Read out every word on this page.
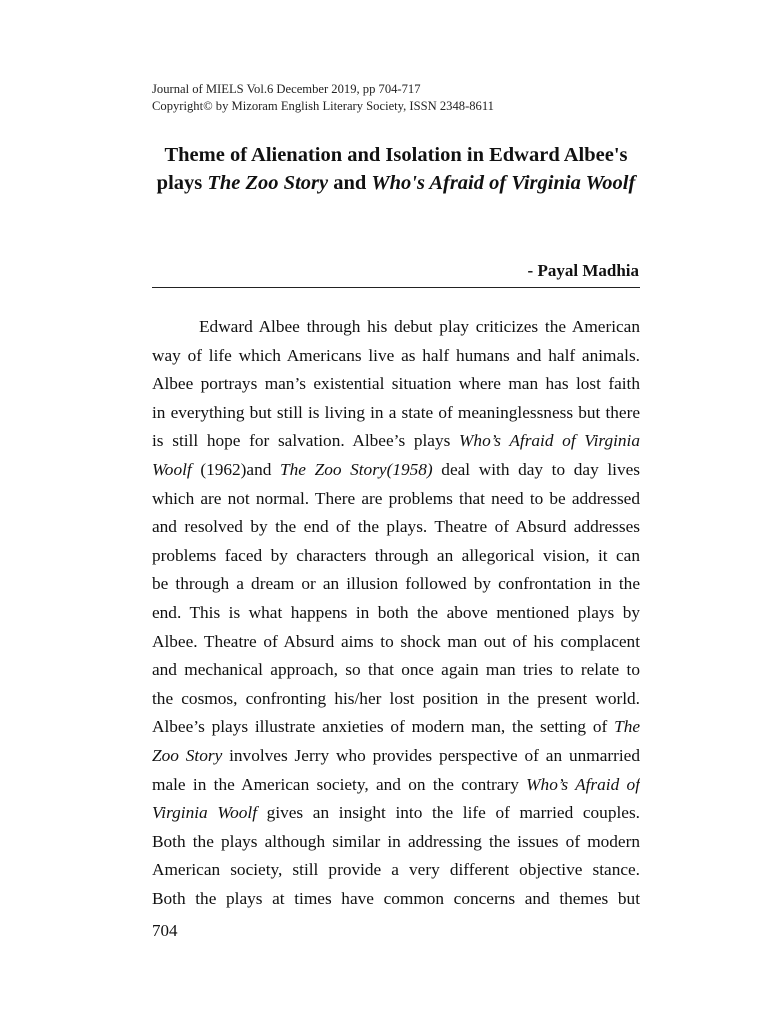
Journal of MIELS Vol.6 December 2019, pp 704-717
Copyright© by Mizoram English Literary Society, ISSN 2348-8611
Theme of Alienation and Isolation in Edward Albee's plays The Zoo Story and Who's Afraid of Virginia Woolf
- Payal Madhia
Edward Albee through his debut play criticizes the American
way of life which Americans live as half humans and half animals.
Albee portrays man’s existential situation where man has lost faith
in everything but still is living in a state of meaninglessness but there
is still hope for salvation. Albee’s plays Who’s Afraid of Virginia
Woolf (1962)and The Zoo Story(1958) deal with day to day lives
which are not normal. There are problems that need to be addressed
and resolved by the end of the plays. Theatre of Absurd addresses
problems faced by characters through an allegorical vision, it can
be through a dream or an illusion followed by confrontation in the
end. This is what happens in both the above mentioned plays by
Albee. Theatre of Absurd aims to shock man out of his complacent
and mechanical approach, so that once again man tries to relate to
the cosmos, confronting his/her lost position in the present world.
Albee’s plays illustrate anxieties of modern man, the setting of The
Zoo Story involves Jerry who provides perspective of an unmarried
male in the American society, and on the contrary Who’s Afraid of
Virginia Woolf gives an insight into the life of married couples.
Both the plays although similar in addressing the issues of modern
American society, still provide a very different objective stance.
Both the plays at times have common concerns and themes but
704
